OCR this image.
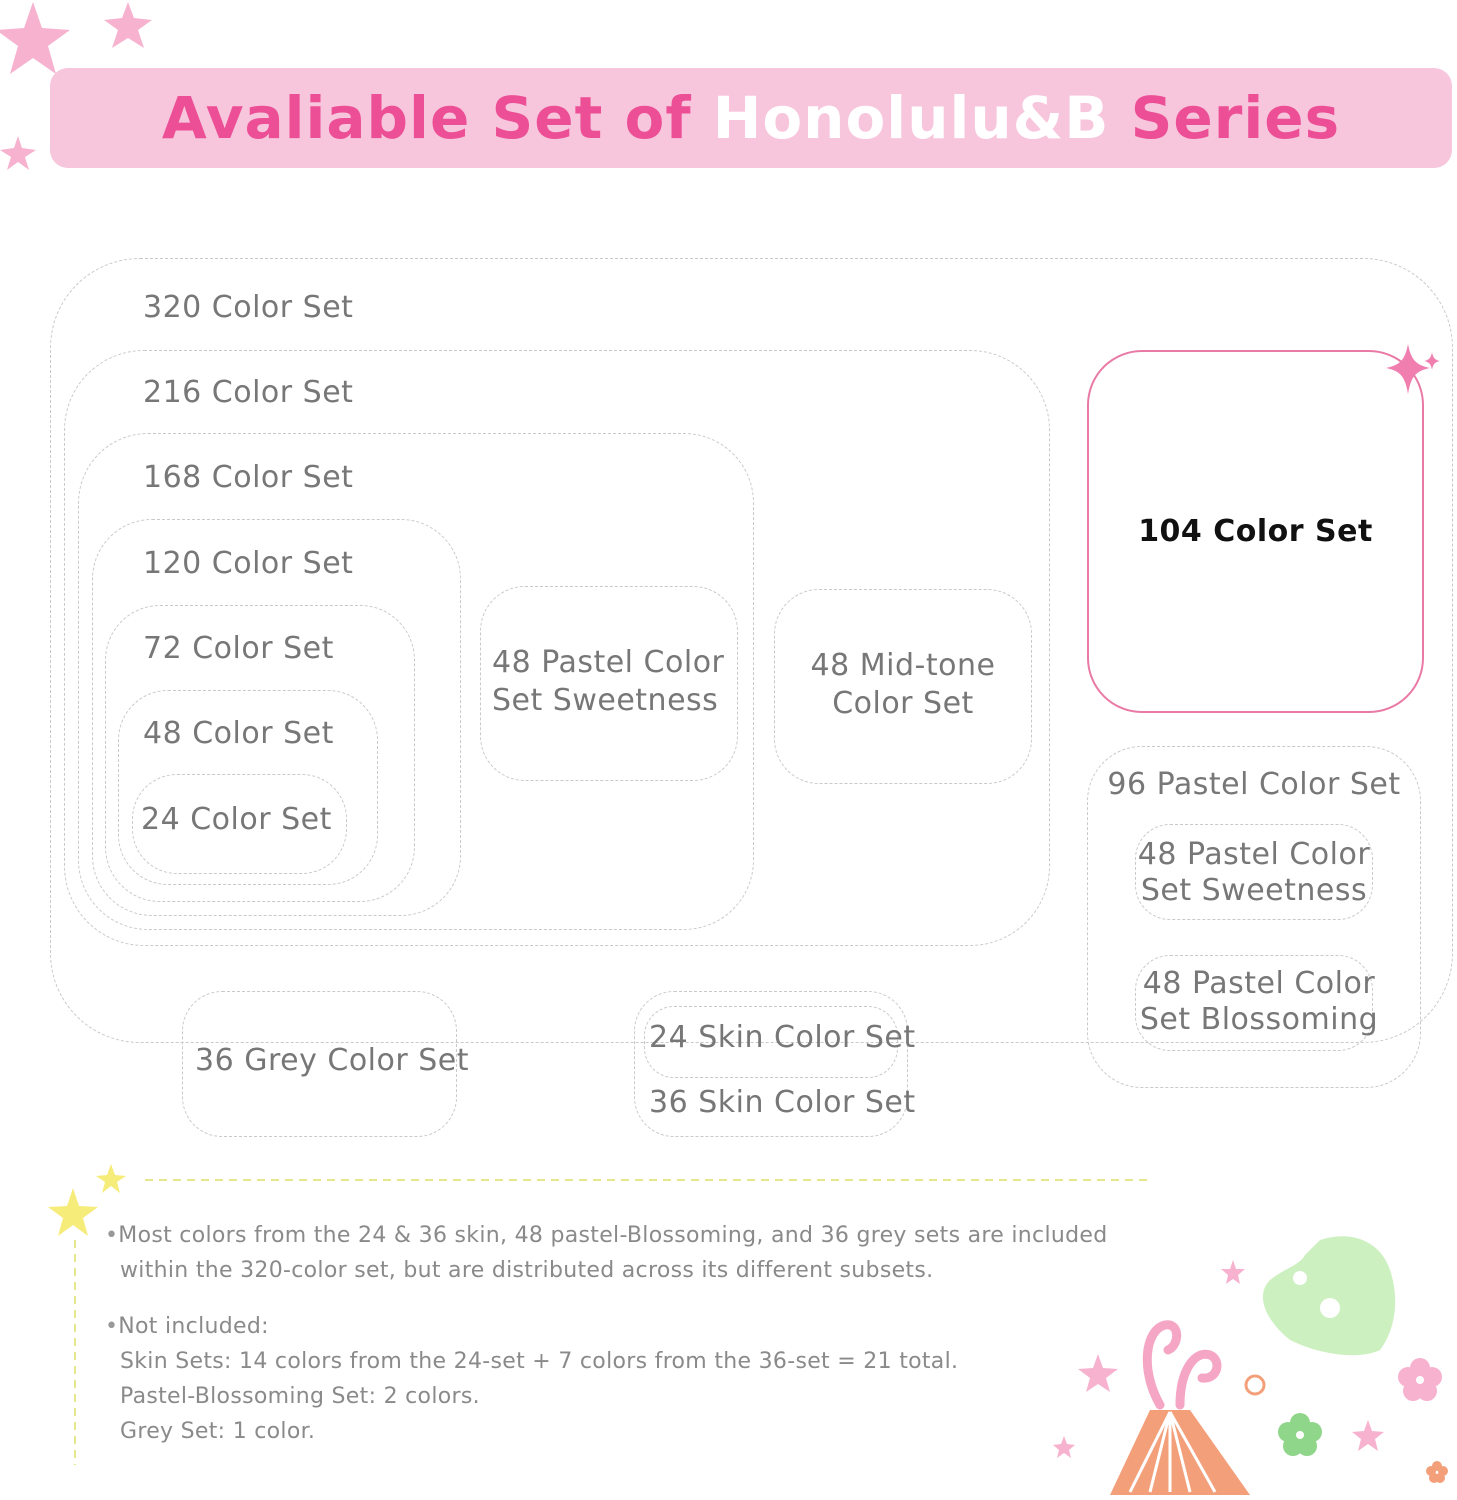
Avaliable Set of Honolulu&B Series
320 Color Set
216 Color Set
168 Color Set
120 Color Set
72 Color Set
48 Color Set
24 Color Set
48 Pastel Color
Set Sweetness
48 Mid-tone
Color Set
104 Color Set
96 Pastel Color Set
48 Pastel Color
Set Sweetness
48 Pastel Color
Set Blossoming
36 Grey Color Set
24 Skin Color Set
36 Skin Color Set
•Most colors from the 24 & 36 skin, 48 pastel-Blossoming, and 36 grey sets are included
within the 320-color set, but are distributed across its different subsets.
•Not included:
Skin Sets: 14 colors from the 24-set + 7 colors from the 36-set = 21 total.
Pastel-Blossoming Set: 2 colors.
Grey Set: 1 color.
